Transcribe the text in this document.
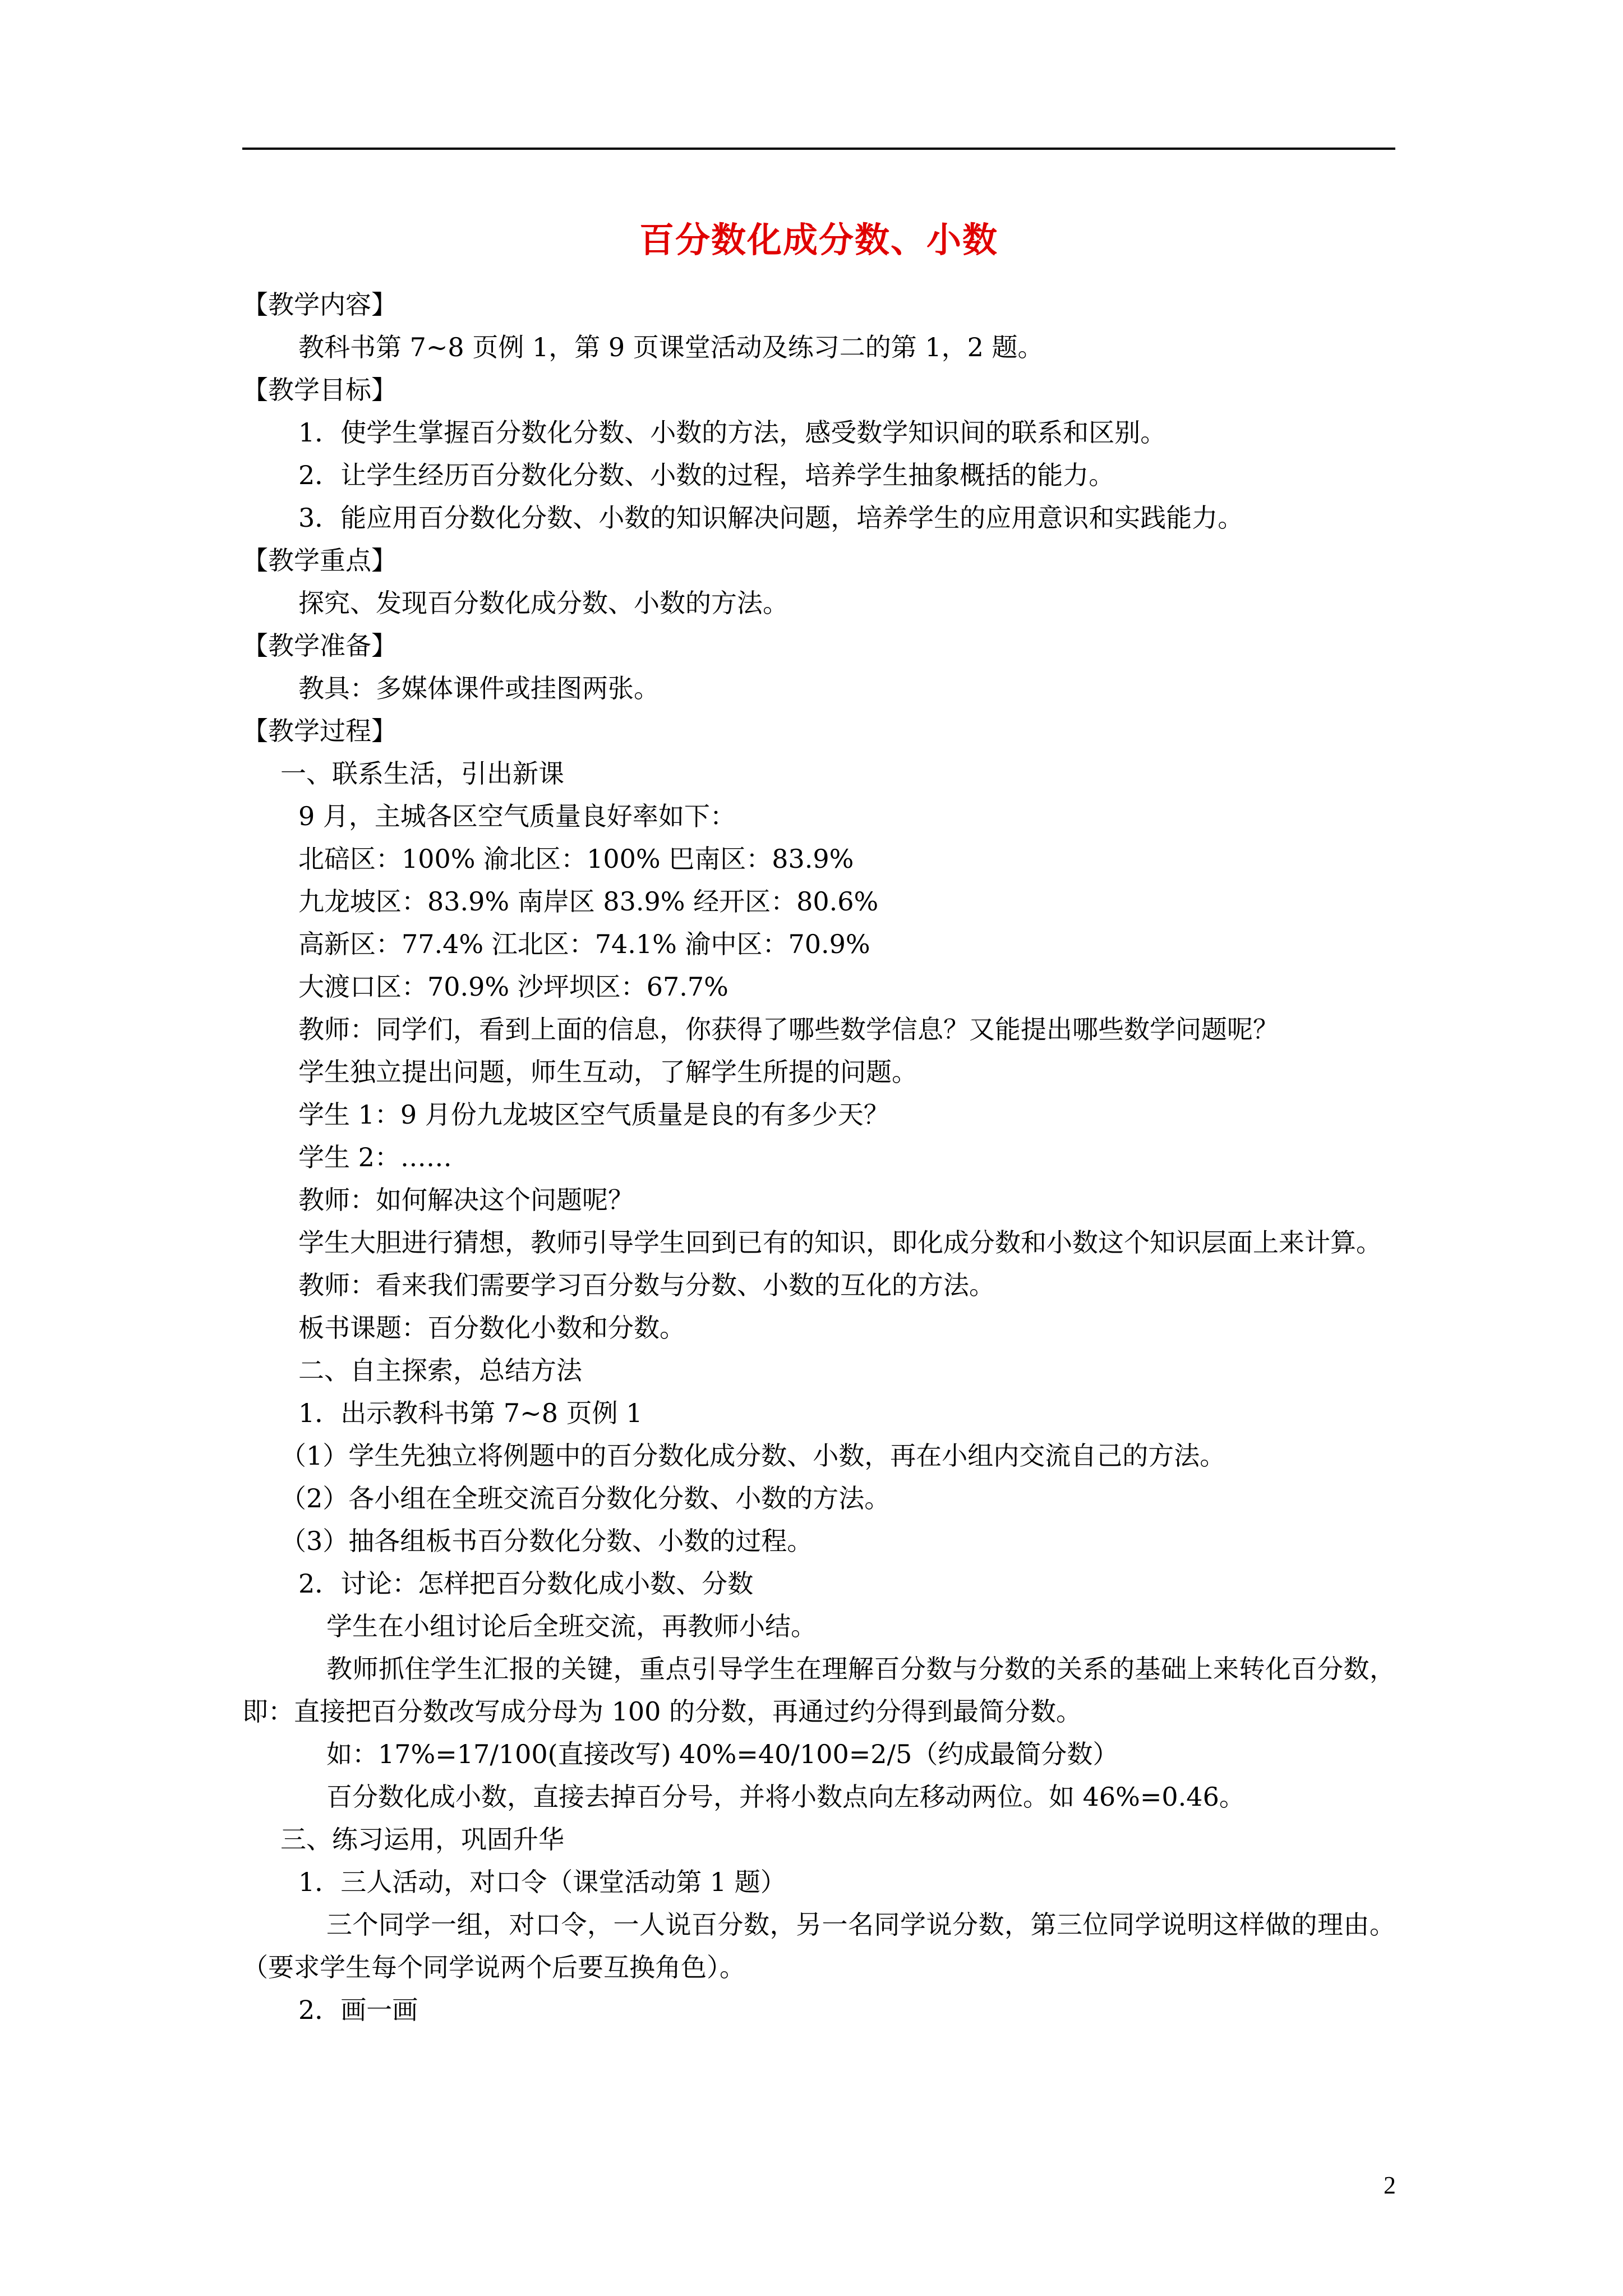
百分数化成分数、小数
【教学内容】
教科书第 7~8 页例 1，第 9 页课堂活动及练习二的第 1，2 题。
【教学目标】
1．使学生掌握百分数化分数、小数的方法，感受数学知识间的联系和区别。
2．让学生经历百分数化分数、小数的过程，培养学生抽象概括的能力。
3．能应用百分数化分数、小数的知识解决问题，培养学生的应用意识和实践能力。
【教学重点】
探究、发现百分数化成分数、小数的方法。
【教学准备】
教具：多媒体课件或挂图两张。
【教学过程】
一、联系生活，引出新课
9 月，主城各区空气质量良好率如下：
北碚区：100% 渝北区：100% 巴南区：83.9%
九龙坡区：83.9% 南岸区 83.9% 经开区：80.6%
高新区：77.4% 江北区：74.1% 渝中区：70.9%
大渡口区：70.9% 沙坪坝区：67.7%
教师：同学们，看到上面的信息，你获得了哪些数学信息？又能提出哪些数学问题呢？
学生独立提出问题，师生互动，了解学生所提的问题。
学生 1：9 月份九龙坡区空气质量是良的有多少天？
学生 2：……
教师：如何解决这个问题呢？
学生大胆进行猜想，教师引导学生回到已有的知识，即化成分数和小数这个知识层面上来计算。
教师：看来我们需要学习百分数与分数、小数的互化的方法。
板书课题：百分数化小数和分数。
二、自主探索，总结方法
1．出示教科书第 7~8 页例 1
（1）学生先独立将例题中的百分数化成分数、小数，再在小组内交流自己的方法。
（2）各小组在全班交流百分数化分数、小数的方法。
（3）抽各组板书百分数化分数、小数的过程。
2．讨论：怎样把百分数化成小数、分数
学生在小组讨论后全班交流，再教师小结。
教师抓住学生汇报的关键，重点引导学生在理解百分数与分数的关系的基础上来转化百分数，即：直接把百分数改写成分母为 100 的分数，再通过约分得到最简分数。
如：17%=17/100(直接改写) 40%=40/100=2/5（约成最简分数）
百分数化成小数，直接去掉百分号，并将小数点向左移动两位。如 46%=0.46。
三、练习运用，巩固升华
1．三人活动，对口令（课堂活动第 1 题）
三个同学一组，对口令，一人说百分数，另一名同学说分数，第三位同学说明这样做的理由。（要求学生每个同学说两个后要互换角色）。
2．画一画
2
